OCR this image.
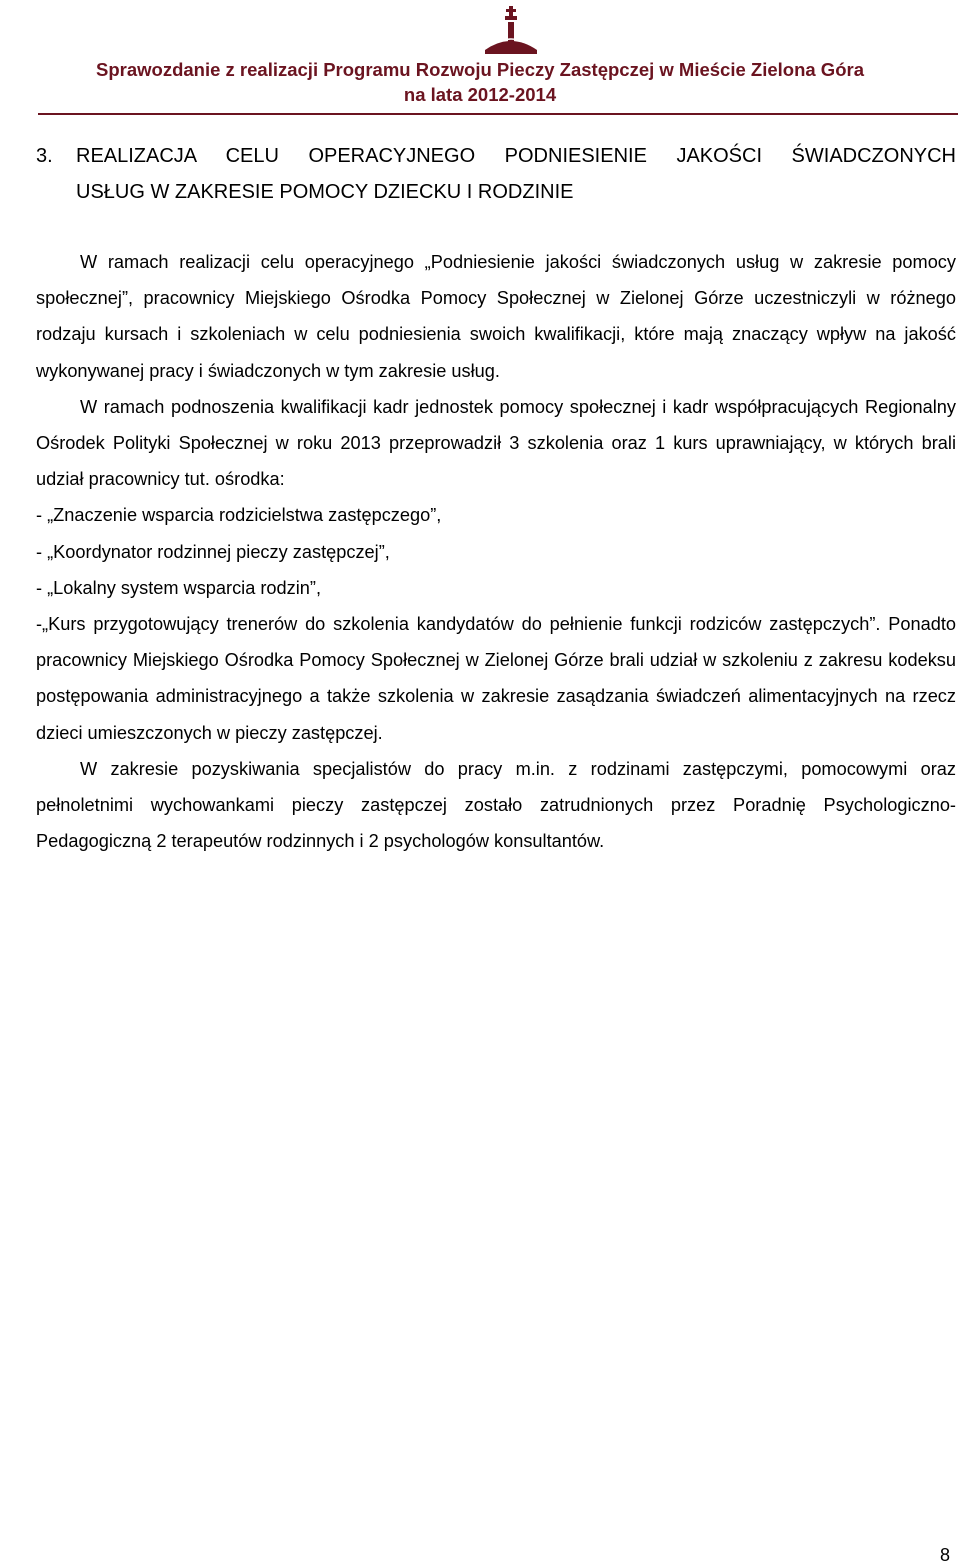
Sprawozdanie z realizacji Programu Rozwoju Pieczy Zastępczej w Mieście Zielona Góra
na lata 2012-2014
3.	REALIZACJA CELU OPERACYJNEGO PODNIESIENIE JAKOŚCI ŚWIADCZONYCH
USŁUG W ZAKRESIE POMOCY DZIECKU I RODZINIE

W ramach realizacji celu operacyjnego „Podniesienie jakości świadczonych usług w zakresie pomocy społecznej”, pracownicy Miejskiego Ośrodka Pomocy Społecznej w Zielonej Górze uczestniczyli w różnego rodzaju kursach i szkoleniach w celu podniesienia swoich kwalifikacji, które mają znaczący wpływ na jakość wykonywanej pracy i świadczonych w tym zakresie usług.

W ramach podnoszenia kwalifikacji kadr jednostek pomocy społecznej i kadr współpracujących Regionalny Ośrodek Polityki Społecznej w roku 2013 przeprowadził 3 szkolenia oraz 1 kurs uprawniający, w których brali udział pracownicy tut. ośrodka:

- „Znaczenie wsparcia rodzicielstwa zastępczego”,

- „Koordynator rodzinnej pieczy zastępczej”,

- „Lokalny system wsparcia rodzin”,

-„Kurs przygotowujący trenerów do szkolenia kandydatów do pełnienie funkcji rodziców zastępczych”. Ponadto pracownicy Miejskiego Ośrodka Pomocy Społecznej w Zielonej Górze brali udział w szkoleniu z zakresu kodeksu postępowania administracyjnego a także szkolenia w zakresie zasądzania świadczeń alimentacyjnych na rzecz dzieci umieszczonych w pieczy zastępczej.

W zakresie pozyskiwania specjalistów do pracy m.in. z rodzinami zastępczymi, pomocowymi oraz pełnoletnimi wychowankami pieczy zastępczej zostało zatrudnionych przez Poradnię Psychologiczno-Pedagogiczną 2 terapeutów rodzinnych i 2 psychologów konsultantów.

8
